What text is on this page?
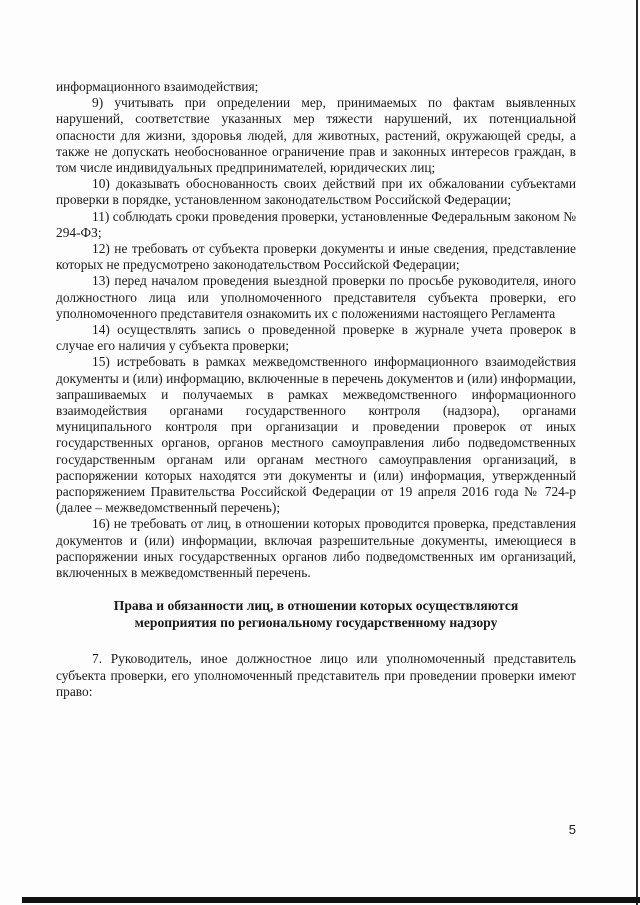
информационного взаимодействия;

9) учитывать при определении мер, принимаемых по фактам выявленных нарушений, соответствие указанных мер тяжести нарушений, их потенциальной опасности для жизни, здоровья людей, для животных, растений, окружающей среды, а также не допускать необоснованное ограничение прав и законных интересов граждан, в том числе индивидуальных предпринимателей, юридических лиц;

10) доказывать обоснованность своих действий при их обжаловании субъектами проверки в порядке, установленном законодательством Российской Федерации;

11) соблюдать сроки проведения проверки, установленные Федеральным законом № 294-ФЗ;

12) не требовать от субъекта проверки документы и иные сведения, представление которых не предусмотрено законодательством Российской Федерации;

13) перед началом проведения выездной проверки по просьбе руководителя, иного должностного лица или уполномоченного представителя субъекта проверки, его уполномоченного представителя ознакомить их с положениями настоящего Регламента

14) осуществлять запись о проведенной проверке в журнале учета проверок в случае его наличия у субъекта проверки;

15) истребовать в рамках межведомственного информационного взаимодействия документы и (или) информацию, включенные в перечень документов и (или) информации, запрашиваемых и получаемых в рамках межведомственного информационного взаимодействия органами государственного контроля (надзора), органами муниципального контроля при организации и проведении проверок от иных государственных органов, органов местного самоуправления либо подведомственных государственным органам или органам местного самоуправления организаций, в распоряжении которых находятся эти документы и (или) информация, утвержденный распоряжением Правительства Российской Федерации от 19 апреля 2016 года № 724-р (далее – межведомственный перечень);

16) не требовать от лиц, в отношении которых проводится проверка, представления документов и (или) информации, включая разрешительные документы, имеющиеся в распоряжении иных государственных органов либо подведомственных им организаций, включенных в межведомственный перечень.

Права и обязанности лиц, в отношении которых осуществляются
мероприятия по региональному государственному надзору

7. Руководитель, иное должностное лицо или уполномоченный представитель субъекта проверки, его уполномоченный представитель при проведении проверки имеют право:

5
